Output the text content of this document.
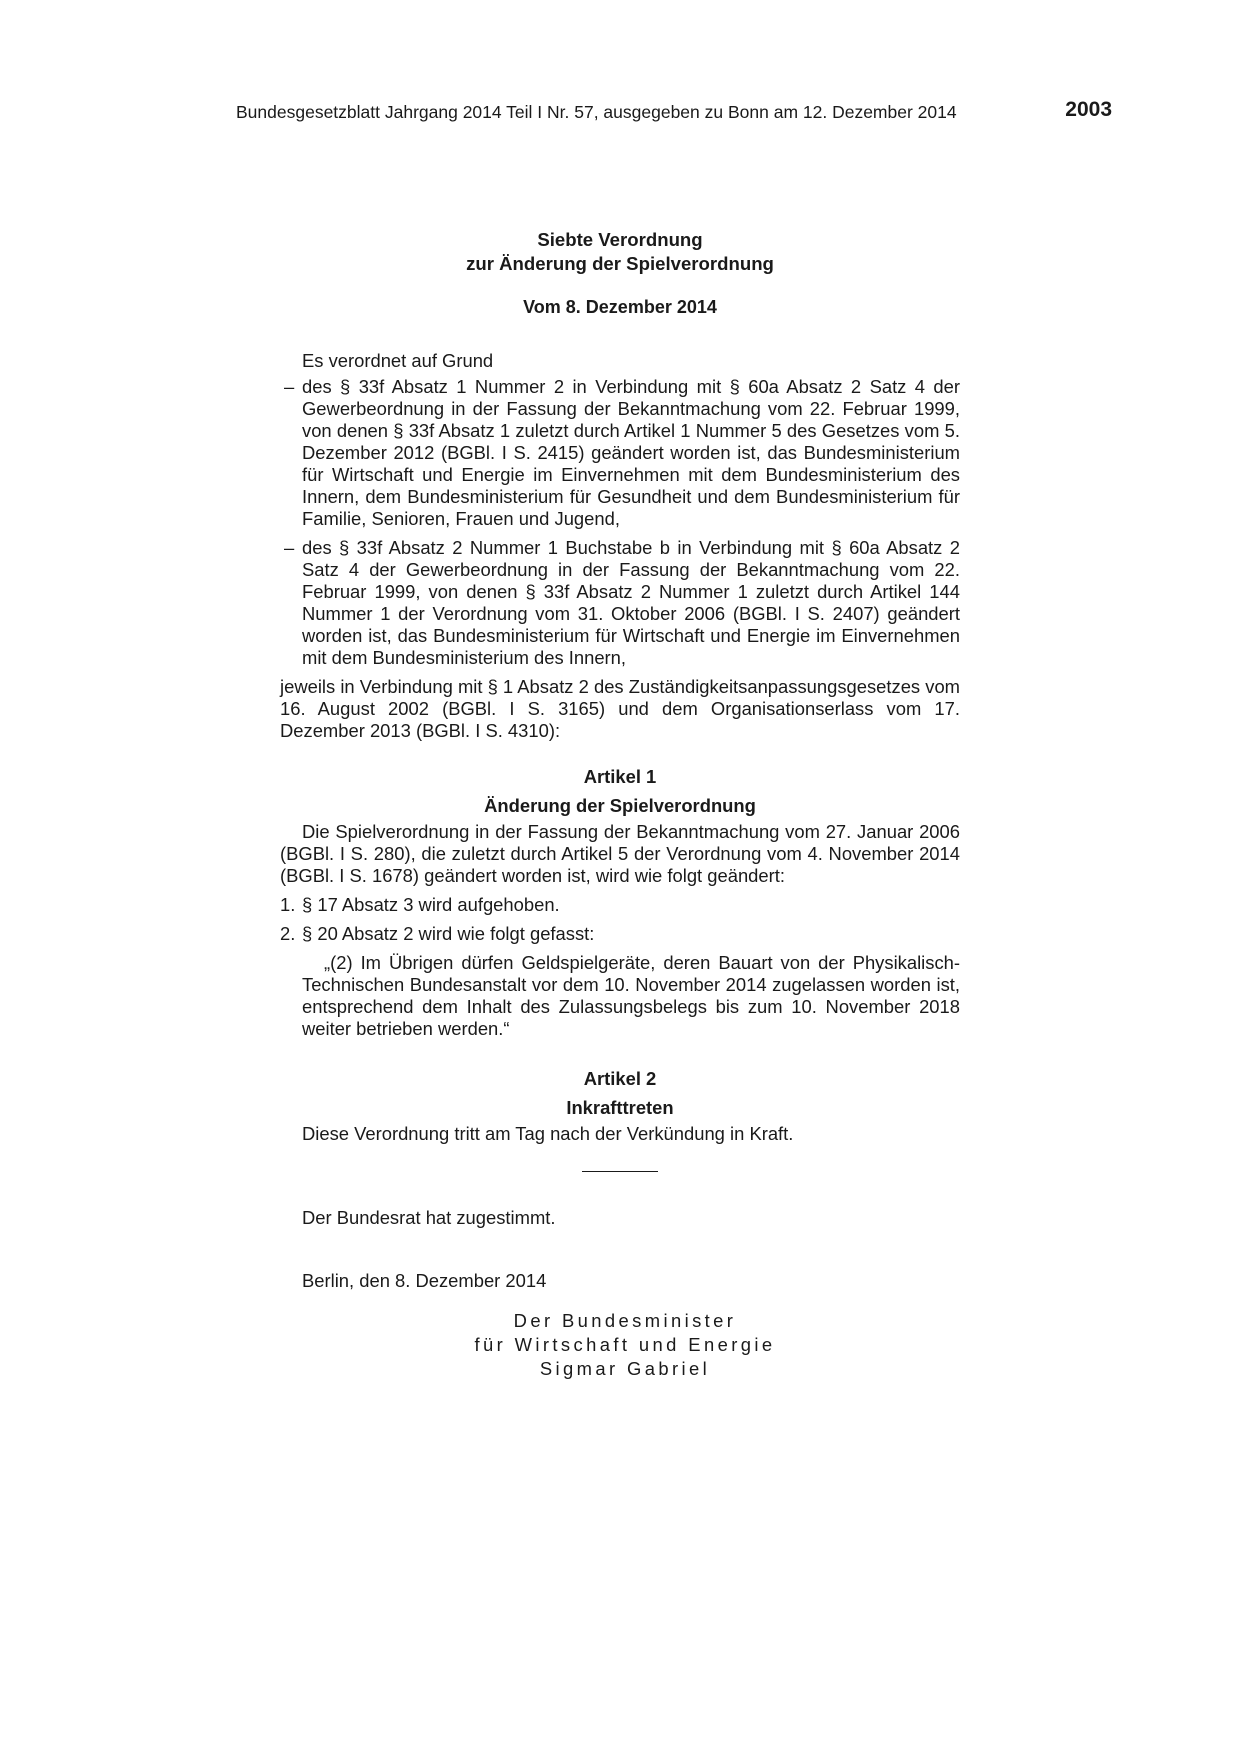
Bundesgesetzblatt Jahrgang 2014 Teil I Nr. 57, ausgegeben zu Bonn am 12. Dezember 2014	2003
Siebte Verordnung
zur Änderung der Spielverordnung
Vom 8. Dezember 2014

Es verordnet auf Grund

– des § 33f Absatz 1 Nummer 2 in Verbindung mit § 60a Absatz 2 Satz 4 der Gewerbeordnung in der Fassung der Bekanntmachung vom 22. Februar 1999, von denen § 33f Absatz 1 zuletzt durch Artikel 1 Nummer 5 des Gesetzes vom 5. Dezember 2012 (BGBl. I S. 2415) geändert worden ist, das Bundesministerium für Wirtschaft und Energie im Einvernehmen mit dem Bundesministerium des Innern, dem Bundesministerium für Gesundheit und dem Bundesministerium für Familie, Senioren, Frauen und Jugend,
– des § 33f Absatz 2 Nummer 1 Buchstabe b in Verbindung mit § 60a Absatz 2 Satz 4 der Gewerbeordnung in der Fassung der Bekanntmachung vom 22. Februar 1999, von denen § 33f Absatz 2 Nummer 1 zuletzt durch Artikel 144 Nummer 1 der Verordnung vom 31. Oktober 2006 (BGBl. I S. 2407) geändert worden ist, das Bundesministerium für Wirtschaft und Energie im Einvernehmen mit dem Bundesministerium des Innern,

jeweils in Verbindung mit § 1 Absatz 2 des Zuständigkeitsanpassungsgesetzes vom 16. August 2002 (BGBl. I S. 3165) und dem Organisationserlass vom 17. Dezember 2013 (BGBl. I S. 4310):

Artikel 1
Änderung der Spielverordnung

Die Spielverordnung in der Fassung der Bekanntmachung vom 27. Januar 2006 (BGBl. I S. 280), die zuletzt durch Artikel 5 der Verordnung vom 4. November 2014 (BGBl. I S. 1678) geändert worden ist, wird wie folgt geändert:

1. § 17 Absatz 3 wird aufgehoben.
2. § 20 Absatz 2 wird wie folgt gefasst:

„(2) Im Übrigen dürfen Geldspielgeräte, deren Bauart von der Physikalisch-Technischen Bundesanstalt vor dem 10. November 2014 zugelassen worden ist, entsprechend dem Inhalt des Zulassungsbelegs bis zum 10. November 2018 weiter betrieben werden.“

Artikel 2
Inkrafttreten

Diese Verordnung tritt am Tag nach der Verkündung in Kraft.

Der Bundesrat hat zugestimmt.

Berlin, den 8. Dezember 2014

Der Bundesminister
für Wirtschaft und Energie
Sigmar Gabriel
